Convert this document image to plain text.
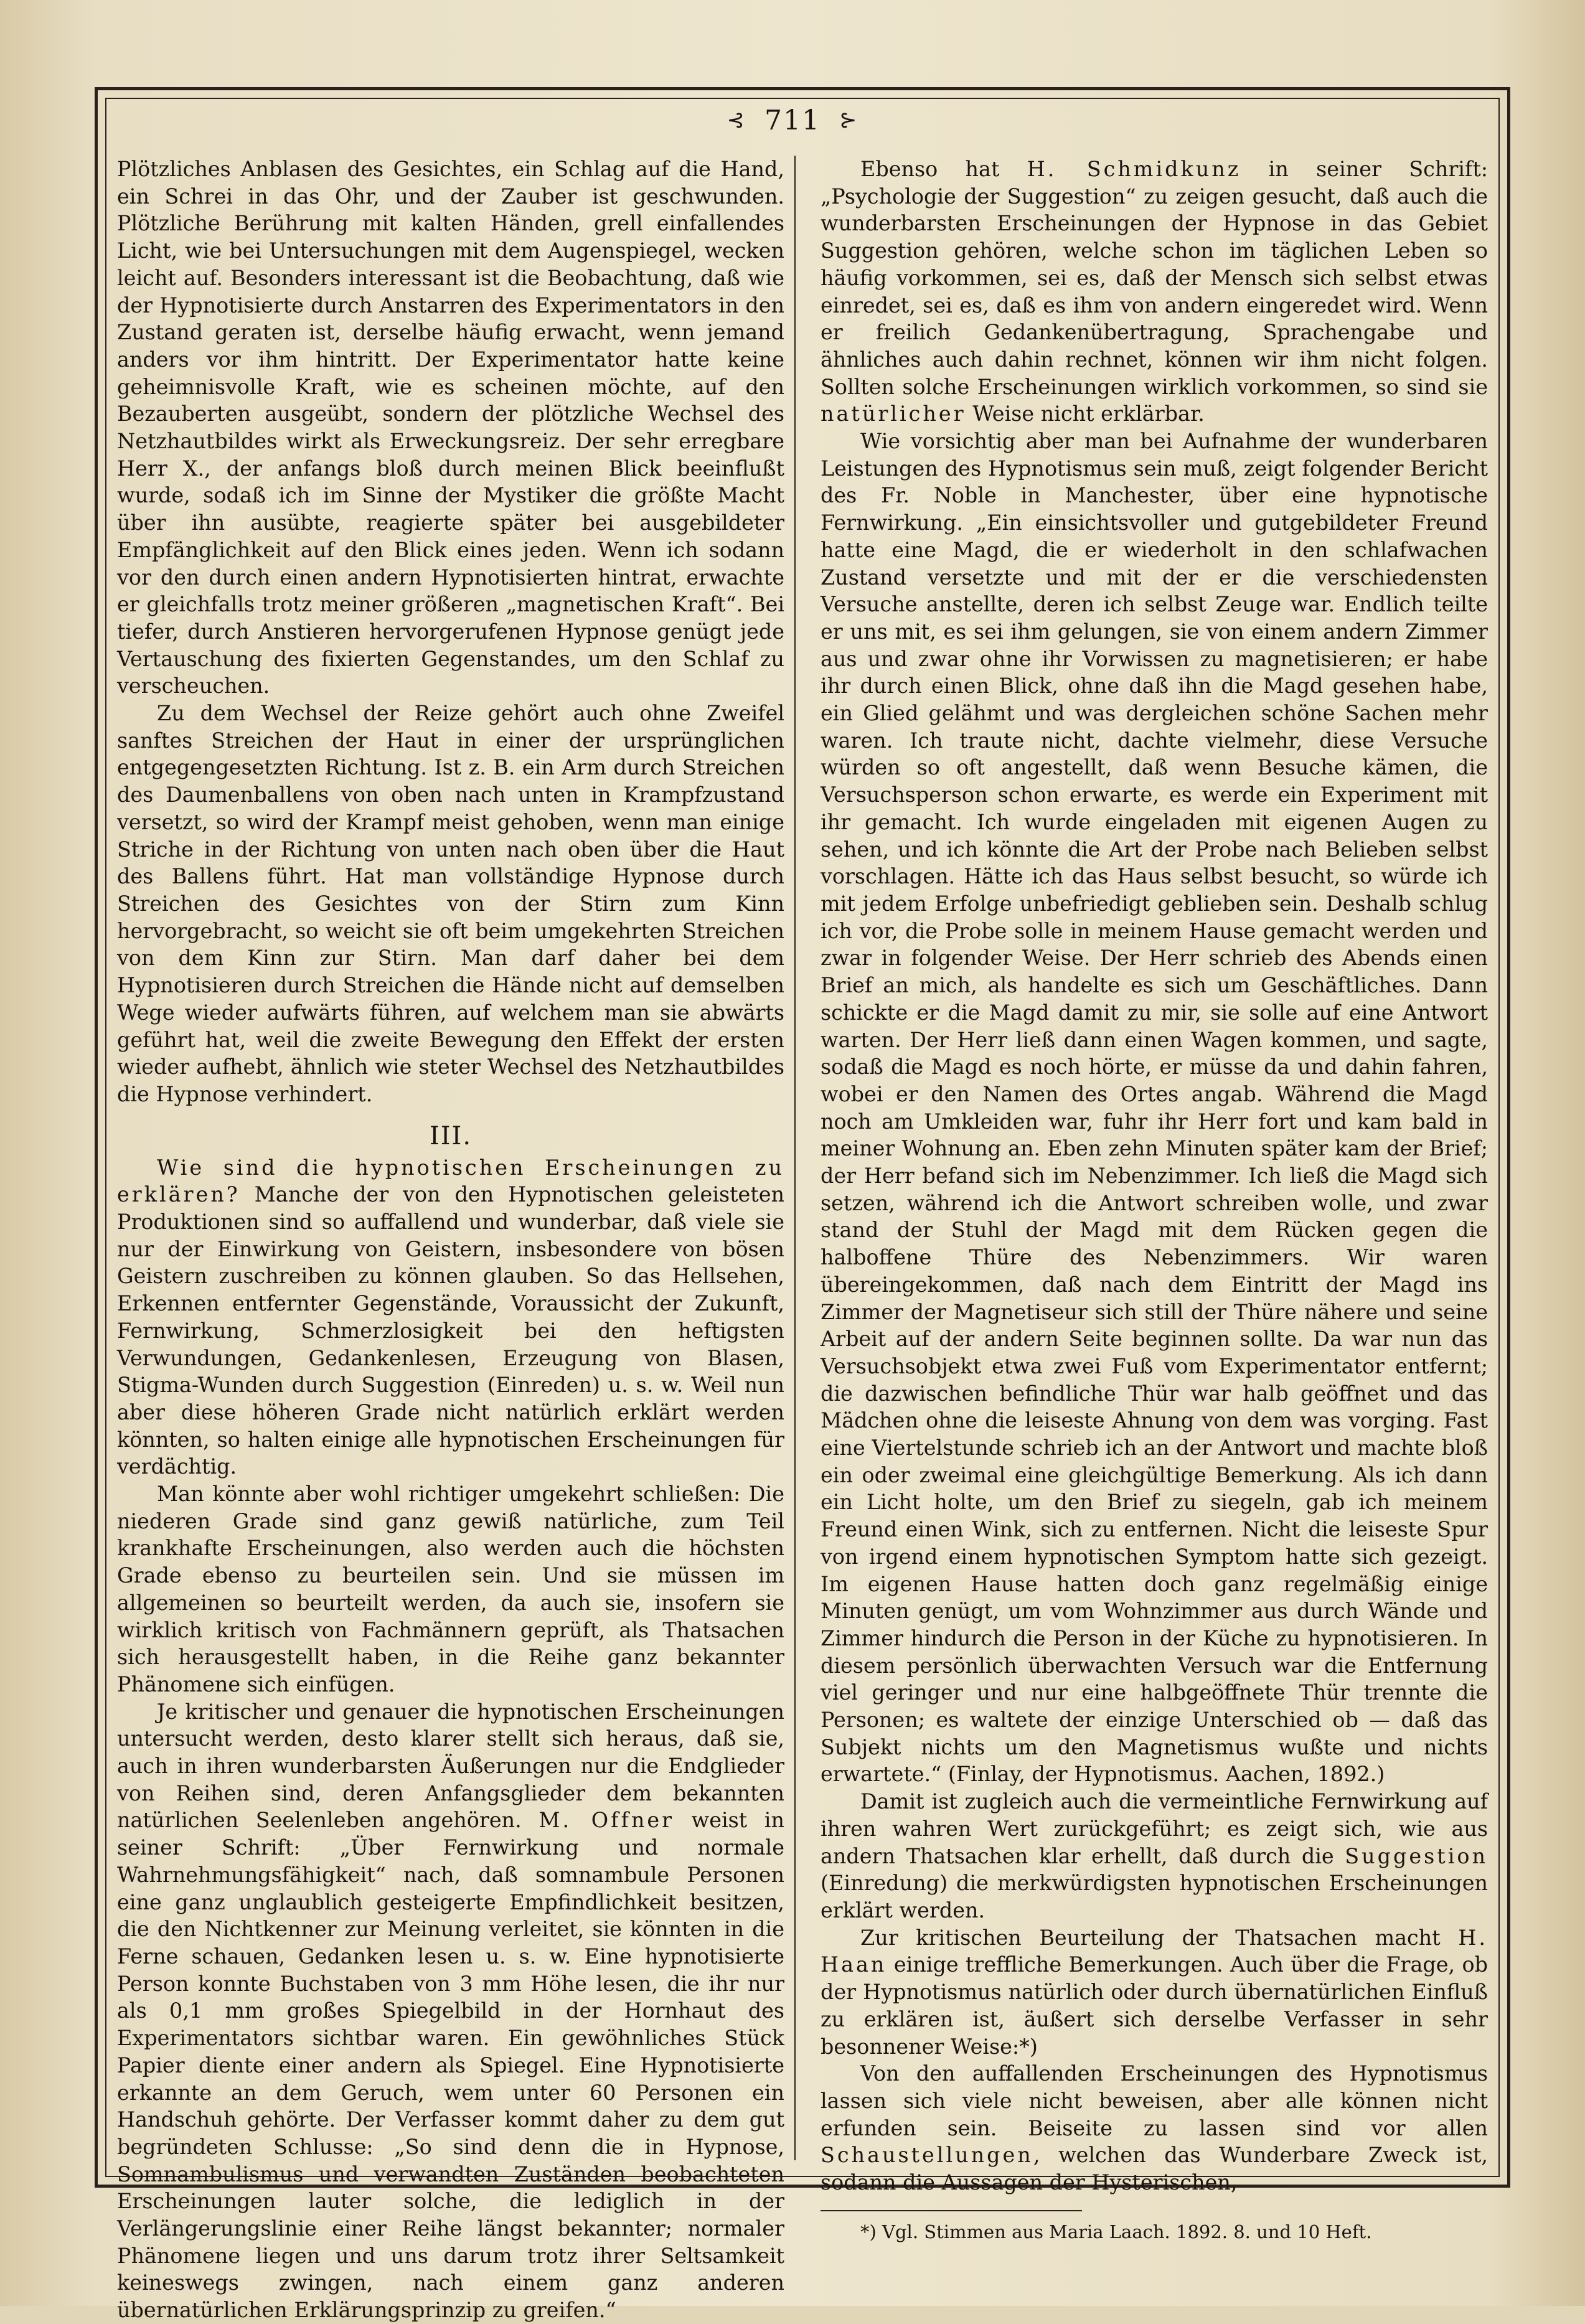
⊰ 711 ⊱

Plötzliches Anblasen des Gesichtes, ein Schlag auf die Hand, ein Schrei in das Ohr, und der Zauber ist geschwunden. Plötzliche Berührung mit kalten Händen, grell einfallendes Licht, wie bei Untersuchungen mit dem Augenspiegel, wecken leicht auf. Besonders interessant ist die Beobachtung, daß wie der Hypnotisierte durch Anstarren des Experimentators in den Zustand geraten ist, derselbe häufig erwacht, wenn jemand anders vor ihm hintritt. Der Experimentator hatte keine geheimnisvolle Kraft, wie es scheinen möchte, auf den Bezauberten ausgeübt, sondern der plötzliche Wechsel des Netzhautbildes wirkt als Erweckungsreiz. Der sehr erregbare Herr X., der anfangs bloß durch meinen Blick beeinflußt wurde, sodaß ich im Sinne der Mystiker die größte Macht über ihn ausübte, reagierte später bei ausgebildeter Empfänglichkeit auf den Blick eines jeden. Wenn ich sodann vor den durch einen andern Hypnotisierten hintrat, erwachte er gleichfalls trotz meiner größeren „magnetischen Kraft“. Bei tiefer, durch Anstieren hervorgerufenen Hypnose genügt jede Vertauschung des fixierten Gegenstandes, um den Schlaf zu verscheuchen.

Zu dem Wechsel der Reize gehört auch ohne Zweifel sanftes Streichen der Haut in einer der ursprünglichen entgegengesetzten Richtung. Ist z. B. ein Arm durch Streichen des Daumenballens von oben nach unten in Krampfzustand versetzt, so wird der Krampf meist gehoben, wenn man einige Striche in der Richtung von unten nach oben über die Haut des Ballens führt. Hat man vollständige Hypnose durch Streichen des Gesichtes von der Stirn zum Kinn hervorgebracht, so weicht sie oft beim umgekehrten Streichen von dem Kinn zur Stirn. Man darf daher bei dem Hypnotisieren durch Streichen die Hände nicht auf demselben Wege wieder aufwärts führen, auf welchem man sie abwärts geführt hat, weil die zweite Bewegung den Effekt der ersten wieder aufhebt, ähnlich wie steter Wechsel des Netzhautbildes die Hypnose verhindert.

III.

Wie sind die hypnotischen Erscheinungen zu erklären? Manche der von den Hypnotischen geleisteten Produktionen sind so auffallend und wunderbar, daß viele sie nur der Einwirkung von Geistern, insbesondere von bösen Geistern zuschreiben zu können glauben. So das Hellsehen, Erkennen entfernter Gegenstände, Voraussicht der Zukunft, Fernwirkung, Schmerzlosigkeit bei den heftigsten Verwundungen, Gedankenlesen, Erzeugung von Blasen, Stigma-Wunden durch Suggestion (Einreden) u. s. w. Weil nun aber diese höheren Grade nicht natürlich erklärt werden könnten, so halten einige alle hypnotischen Erscheinungen für verdächtig.

Man könnte aber wohl richtiger umgekehrt schließen: Die niederen Grade sind ganz gewiß natürliche, zum Teil krankhafte Erscheinungen, also werden auch die höchsten Grade ebenso zu beurteilen sein. Und sie müssen im allgemeinen so beurteilt werden, da auch sie, insofern sie wirklich kritisch von Fachmännern geprüft, als Thatsachen sich herausgestellt haben, in die Reihe ganz bekannter Phänomene sich einfügen.

Je kritischer und genauer die hypnotischen Erscheinungen untersucht werden, desto klarer stellt sich heraus, daß sie, auch in ihren wunderbarsten Äußerungen nur die Endglieder von Reihen sind, deren Anfangsglieder dem bekannten natürlichen Seelenleben angehören. M. Offner weist in seiner Schrift: „Über Fernwirkung und normale Wahrnehmungsfähigkeit“ nach, daß somnambule Personen eine ganz unglaublich gesteigerte Empfindlichkeit besitzen, die den Nichtkenner zur Meinung verleitet, sie könnten in die Ferne schauen, Gedanken lesen u. s. w. Eine hypnotisierte Person konnte Buchstaben von 3 mm Höhe lesen, die ihr nur als 0,1 mm großes Spiegelbild in der Hornhaut des Experimentators sichtbar waren. Ein gewöhnliches Stück Papier diente einer andern als Spiegel. Eine Hypnotisierte erkannte an dem Geruch, wem unter 60 Personen ein Handschuh gehörte. Der Verfasser kommt daher zu dem gut begründeten Schlusse: „So sind denn die in Hypnose, Somnambulismus und verwandten Zuständen beobachteten Erscheinungen lauter solche, die lediglich in der Verlängerungslinie einer Reihe längst bekannter; normaler Phänomene liegen und uns darum trotz ihrer Seltsamkeit keineswegs zwingen, nach einem ganz anderen übernatürlichen Erklärungsprinzip zu greifen.“

Ebenso hat H. Schmidkunz in seiner Schrift: „Psychologie der Suggestion“ zu zeigen gesucht, daß auch die wunderbarsten Erscheinungen der Hypnose in das Gebiet Suggestion gehören, welche schon im täglichen Leben so häufig vorkommen, sei es, daß der Mensch sich selbst etwas einredet, sei es, daß es ihm von andern eingeredet wird. Wenn er freilich Gedankenübertragung, Sprachengabe und ähnliches auch dahin rechnet, können wir ihm nicht folgen. Sollten solche Erscheinungen wirklich vorkommen, so sind sie natürlicher Weise nicht erklärbar.

Wie vorsichtig aber man bei Aufnahme der wunderbaren Leistungen des Hypnotismus sein muß, zeigt folgender Bericht des Fr. Noble in Manchester, über eine hypnotische Fernwirkung. „Ein einsichtsvoller und gutgebildeter Freund hatte eine Magd, die er wiederholt in den schlafwachen Zustand versetzte und mit der er die verschiedensten Versuche anstellte, deren ich selbst Zeuge war. Endlich teilte er uns mit, es sei ihm gelungen, sie von einem andern Zimmer aus und zwar ohne ihr Vorwissen zu magnetisieren; er habe ihr durch einen Blick, ohne daß ihn die Magd gesehen habe, ein Glied gelähmt und was dergleichen schöne Sachen mehr waren. Ich traute nicht, dachte vielmehr, diese Versuche würden so oft angestellt, daß wenn Besuche kämen, die Versuchsperson schon erwarte, es werde ein Experiment mit ihr gemacht. Ich wurde eingeladen mit eigenen Augen zu sehen, und ich könnte die Art der Probe nach Belieben selbst vorschlagen. Hätte ich das Haus selbst besucht, so würde ich mit jedem Erfolge unbefriedigt geblieben sein. Deshalb schlug ich vor, die Probe solle in meinem Hause gemacht werden und zwar in folgender Weise. Der Herr schrieb des Abends einen Brief an mich, als handelte es sich um Geschäftliches. Dann schickte er die Magd damit zu mir, sie solle auf eine Antwort warten. Der Herr ließ dann einen Wagen kommen, und sagte, sodaß die Magd es noch hörte, er müsse da und dahin fahren, wobei er den Namen des Ortes angab. Während die Magd noch am Umkleiden war, fuhr ihr Herr fort und kam bald in meiner Wohnung an. Eben zehn Minuten später kam der Brief; der Herr befand sich im Nebenzimmer. Ich ließ die Magd sich setzen, während ich die Antwort schreiben wolle, und zwar stand der Stuhl der Magd mit dem Rücken gegen die halboffene Thüre des Nebenzimmers. Wir waren übereingekommen, daß nach dem Eintritt der Magd ins Zimmer der Magnetiseur sich still der Thüre nähere und seine Arbeit auf der andern Seite beginnen sollte. Da war nun das Versuchsobjekt etwa zwei Fuß vom Experimentator entfernt; die dazwischen befindliche Thür war halb geöffnet und das Mädchen ohne die leiseste Ahnung von dem was vorging. Fast eine Viertelstunde schrieb ich an der Antwort und machte bloß ein oder zweimal eine gleichgültige Bemerkung. Als ich dann ein Licht holte, um den Brief zu siegeln, gab ich meinem Freund einen Wink, sich zu entfernen. Nicht die leiseste Spur von irgend einem hypnotischen Symptom hatte sich gezeigt. Im eigenen Hause hatten doch ganz regelmäßig einige Minuten genügt, um vom Wohnzimmer aus durch Wände und Zimmer hindurch die Person in der Küche zu hypnotisieren. In diesem persönlich überwachten Versuch war die Entfernung viel geringer und nur eine halbgeöffnete Thür trennte die Personen; es waltete der einzige Unterschied ob — daß das Subjekt nichts um den Magnetismus wußte und nichts erwartete.“ (Finlay, der Hypnotismus. Aachen, 1892.)

Damit ist zugleich auch die vermeintliche Fernwirkung auf ihren wahren Wert zurückgeführt; es zeigt sich, wie aus andern Thatsachen klar erhellt, daß durch die Suggestion (Einredung) die merkwürdigsten hypnotischen Erscheinungen erklärt werden.

Zur kritischen Beurteilung der Thatsachen macht H. Haan einige treffliche Bemerkungen. Auch über die Frage, ob der Hypnotismus natürlich oder durch übernatürlichen Einfluß zu erklären ist, äußert sich derselbe Verfasser in sehr besonnener Weise:*)

Von den auffallenden Erscheinungen des Hypnotismus lassen sich viele nicht beweisen, aber alle können nicht erfunden sein. Beiseite zu lassen sind vor allen Schaustellungen, welchen das Wunderbare Zweck ist, sodann die Aussagen der Hysterischen,

*) Vgl. Stimmen aus Maria Laach. 1892. 8. und 10 Heft.
